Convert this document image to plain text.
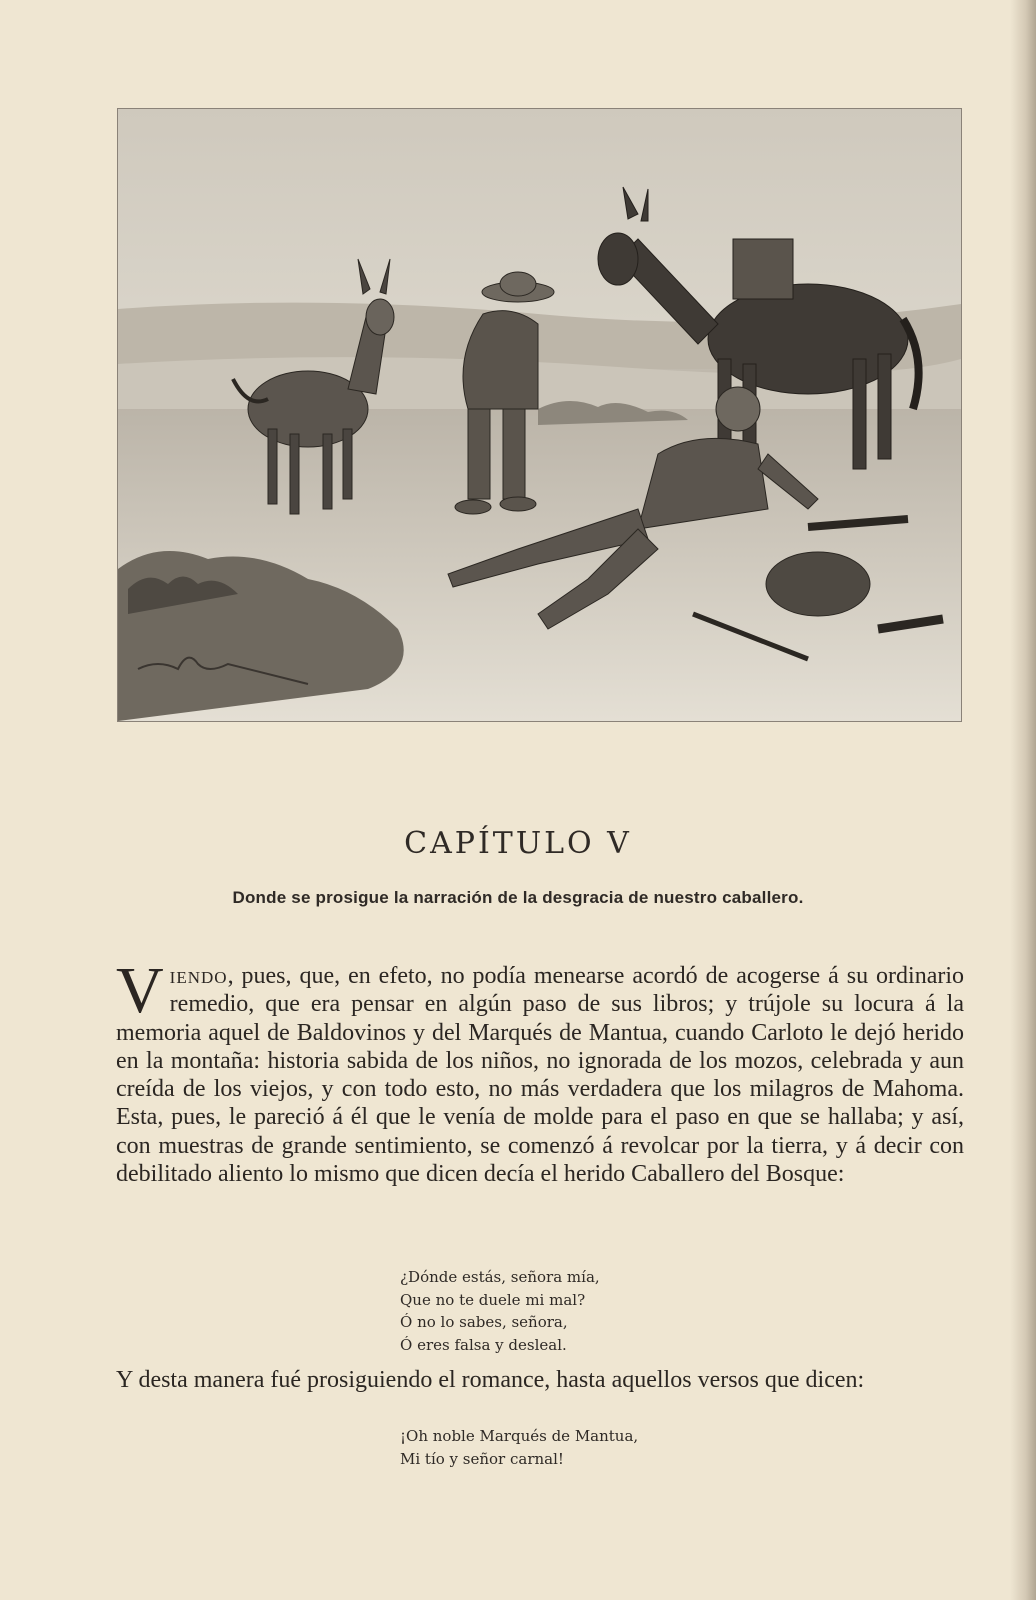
CAPÍTULO V
Donde se prosigue la narración de la desgracia de nuestro caballero.

Viendo, pues, que, en efeto, no podía menearse acordó de acogerse á su ordinario remedio, que era pensar en algún paso de sus libros; y trújole su locura á la memoria aquel de Baldovinos y del Marqués de Mantua, cuando Carloto le dejó herido en la montaña: historia sabida de los niños, no ignorada de los mozos, celebrada y aun creída de los viejos, y con todo esto, no más verdadera que los milagros de Mahoma. Esta, pues, le pareció á él que le venía de molde para el paso en que se hallaba; y así, con muestras de grande sentimiento, se comenzó á revolcar por la tierra, y á decir con debilitado aliento lo mismo que dicen decía el herido Caballero del Bosque:

¿Dónde estás, señora mía,
Que no te duele mi mal?
Ó no lo sabes, señora,
Ó eres falsa y desleal.

Y desta manera fué prosiguiendo el romance, hasta aquellos versos que dicen:

¡Oh noble Marqués de Mantua,
Mi tío y señor carnal!
